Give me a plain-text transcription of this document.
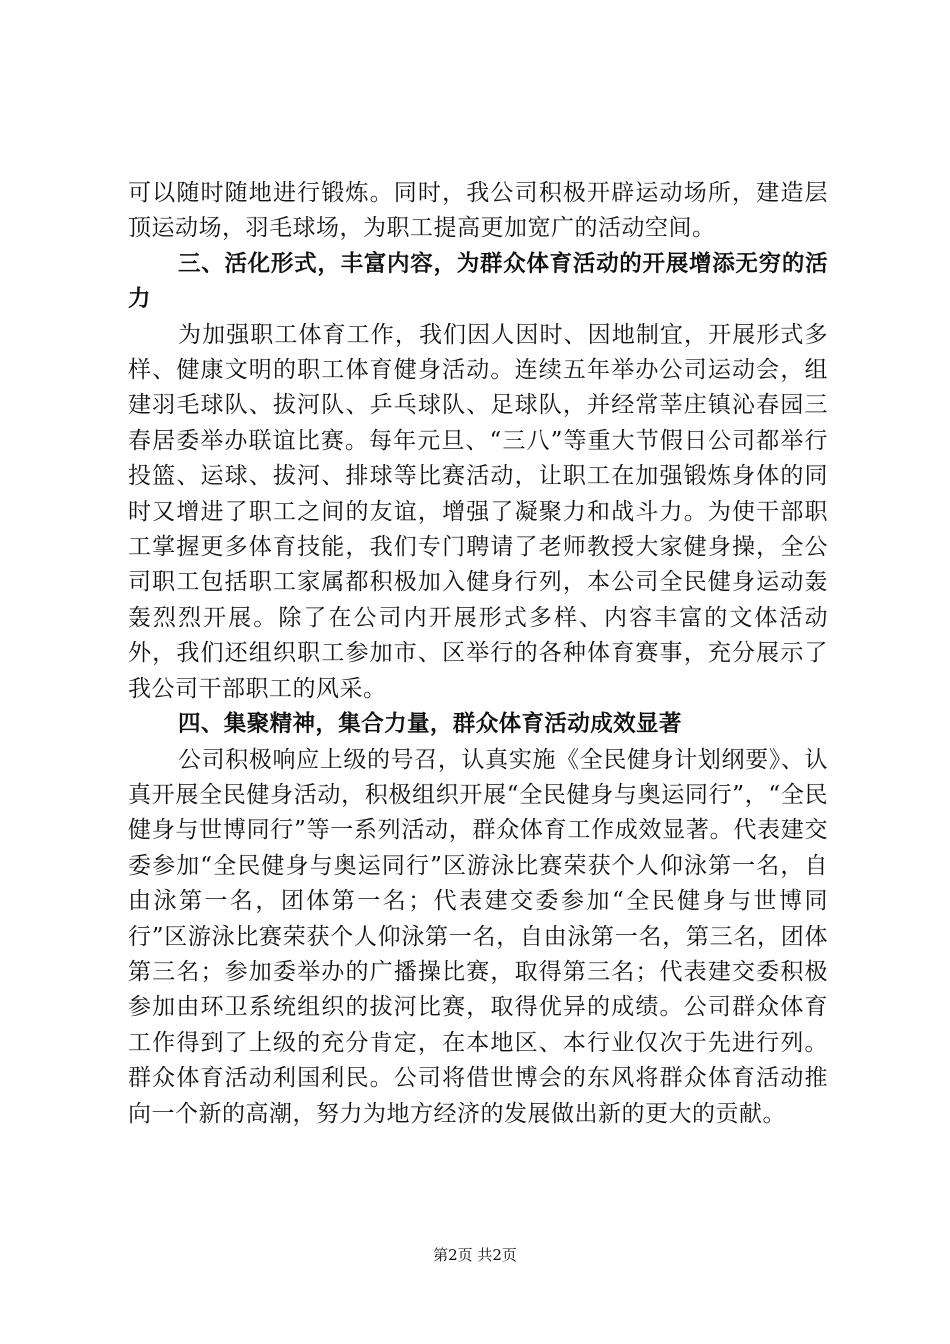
可以随时随地进行锻炼。同时，我公司积极开辟运动场所，建造层顶运动场，羽毛球场，为职工提高更加宽广的活动空间。

三、活化形式，丰富内容，为群众体育活动的开展增添无穷的活力

为加强职工体育工作，我们因人因时、因地制宜，开展形式多样、健康文明的职工体育健身活动。连续五年举办公司运动会，组建羽毛球队、拔河队、乒乓球队、足球队，并经常莘庄镇沁春园三春居委举办联谊比赛。每年元旦、“三八”等重大节假日公司都举行投篮、运球、拔河、排球等比赛活动，让职工在加强锻炼身体的同时又增进了职工之间的友谊，增强了凝聚力和战斗力。为使干部职工掌握更多体育技能，我们专门聘请了老师教授大家健身操，全公司职工包括职工家属都积极加入健身行列，本公司全民健身运动轰轰烈烈开展。除了在公司内开展形式多样、内容丰富的文体活动外，我们还组织职工参加市、区举行的各种体育赛事，充分展示了我公司干部职工的风采。

四、集聚精神，集合力量，群众体育活动成效显著

公司积极响应上级的号召，认真实施《全民健身计划纲要》、认真开展全民健身活动，积极组织开展“全民健身与奥运同行”，“全民健身与世博同行”等一系列活动，群众体育工作成效显著。代表建交委参加“全民健身与奥运同行”区游泳比赛荣获个人仰泳第一名，自由泳第一名，团体第一名；代表建交委参加“全民健身与世博同行”区游泳比赛荣获个人仰泳第一名，自由泳第一名，第三名，团体第三名；参加委举办的广播操比赛，取得第三名；代表建交委积极参加由环卫系统组织的拔河比赛，取得优异的成绩。公司群众体育工作得到了上级的充分肯定，在本地区、本行业仅次于先进行列。群众体育活动利国利民。公司将借世博会的东风将群众体育活动推向一个新的高潮，努力为地方经济的发展做出新的更大的贡献。

第2页 共2页
